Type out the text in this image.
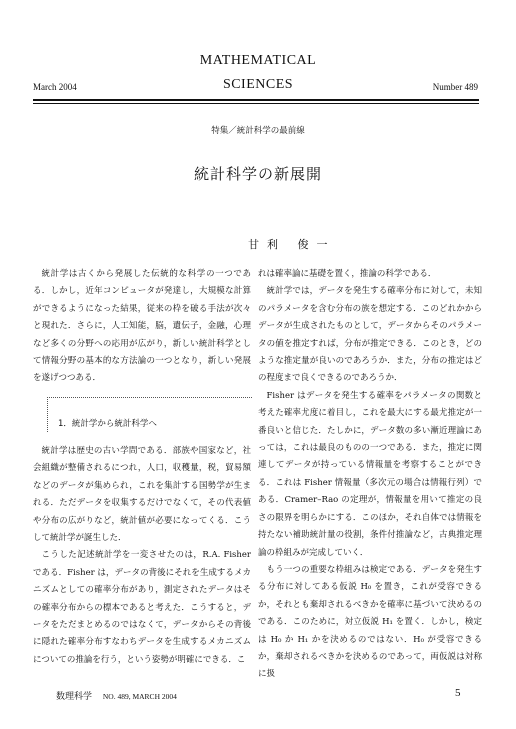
MATHEMATICAL
SCIENCES
March 2004	Number 489
特集／統計科学の最前線
統計科学の新展開
甘利 俊一

統計学は古くから発展した伝統的な科学の一つである．しかし，近年コンピュータが発達し，大規模な計算ができるようになった結果，従来の枠を破る手法が次々と現れた．さらに，人工知能，脳，遺伝子，金融，心理など多くの分野への応用が広がり，新しい統計科学として情報分野の基本的な方法論の一つとなり，新しい発展を遂げつつある．

1．統計学から統計科学へ

統計学は歴史の古い学問である．部族や国家など，社会組織が整備されるにつれ，人口，収穫量，税，貿易額などのデータが集められ，これを集計する国勢学が生まれる．ただデータを収集するだけでなくて，その代表値や分布の広がりなど，統計値が必要になってくる．こうして統計学が誕生した．

こうした記述統計学を一変させたのは，R.A. Fisher である．Fisher は，データの背後にそれを生成するメカニズムとしての確率分布があり，測定されたデータはその確率分布からの標本であると考えた．こうすると，データをただまとめるのではなくて，データからその背後に隠れた確率分布すなわちデータを生成するメカニズムについての推論を行う，という姿勢が明確にできる．こ

れは確率論に基礎を置く，推論の科学である．

統計学では，データを発生する確率分布に対して，未知のパラメータを含む分布の族を想定する．このどれかからデータが生成されたものとして，データからそのパラメータの値を推定すれば，分布が推定できる．このとき，どのような推定量が良いのであろうか．また，分布の推定はどの程度まで良くできるのであろうか．

Fisher はデータを発生する確率をパラメータの関数と考えた確率尤度に着目し，これを最大にする最尤推定が一番良いと信じた．たしかに，データ数の多い漸近理論にあっては，これは最良のものの一つである．また，推定に関連してデータが持っている情報量を考察することができる．これは Fisher 情報量（多次元の場合は情報行列）である．Cramer–Rao の定理が，情報量を用いて推定の良さの限界を明らかにする．このほか，それ自体では情報を持たない補助統計量の役割，条件付推論など，古典推定理論の枠組みが完成していく．

もう一つの重要な枠組みは検定である．データを発生する分布に対してある仮説 H₀ を置き，これが受容できるか，それとも棄却されるべきかを確率に基づいて決めるのである．このために，対立仮説 H₁ を置く．しかし，検定は H₀ か H₁ かを決めるのではない．H₀ が受容できるか，棄却されるべきかを決めるのであって，両仮説は対称に扱

数理科学 NO. 489, MARCH 2004	5
